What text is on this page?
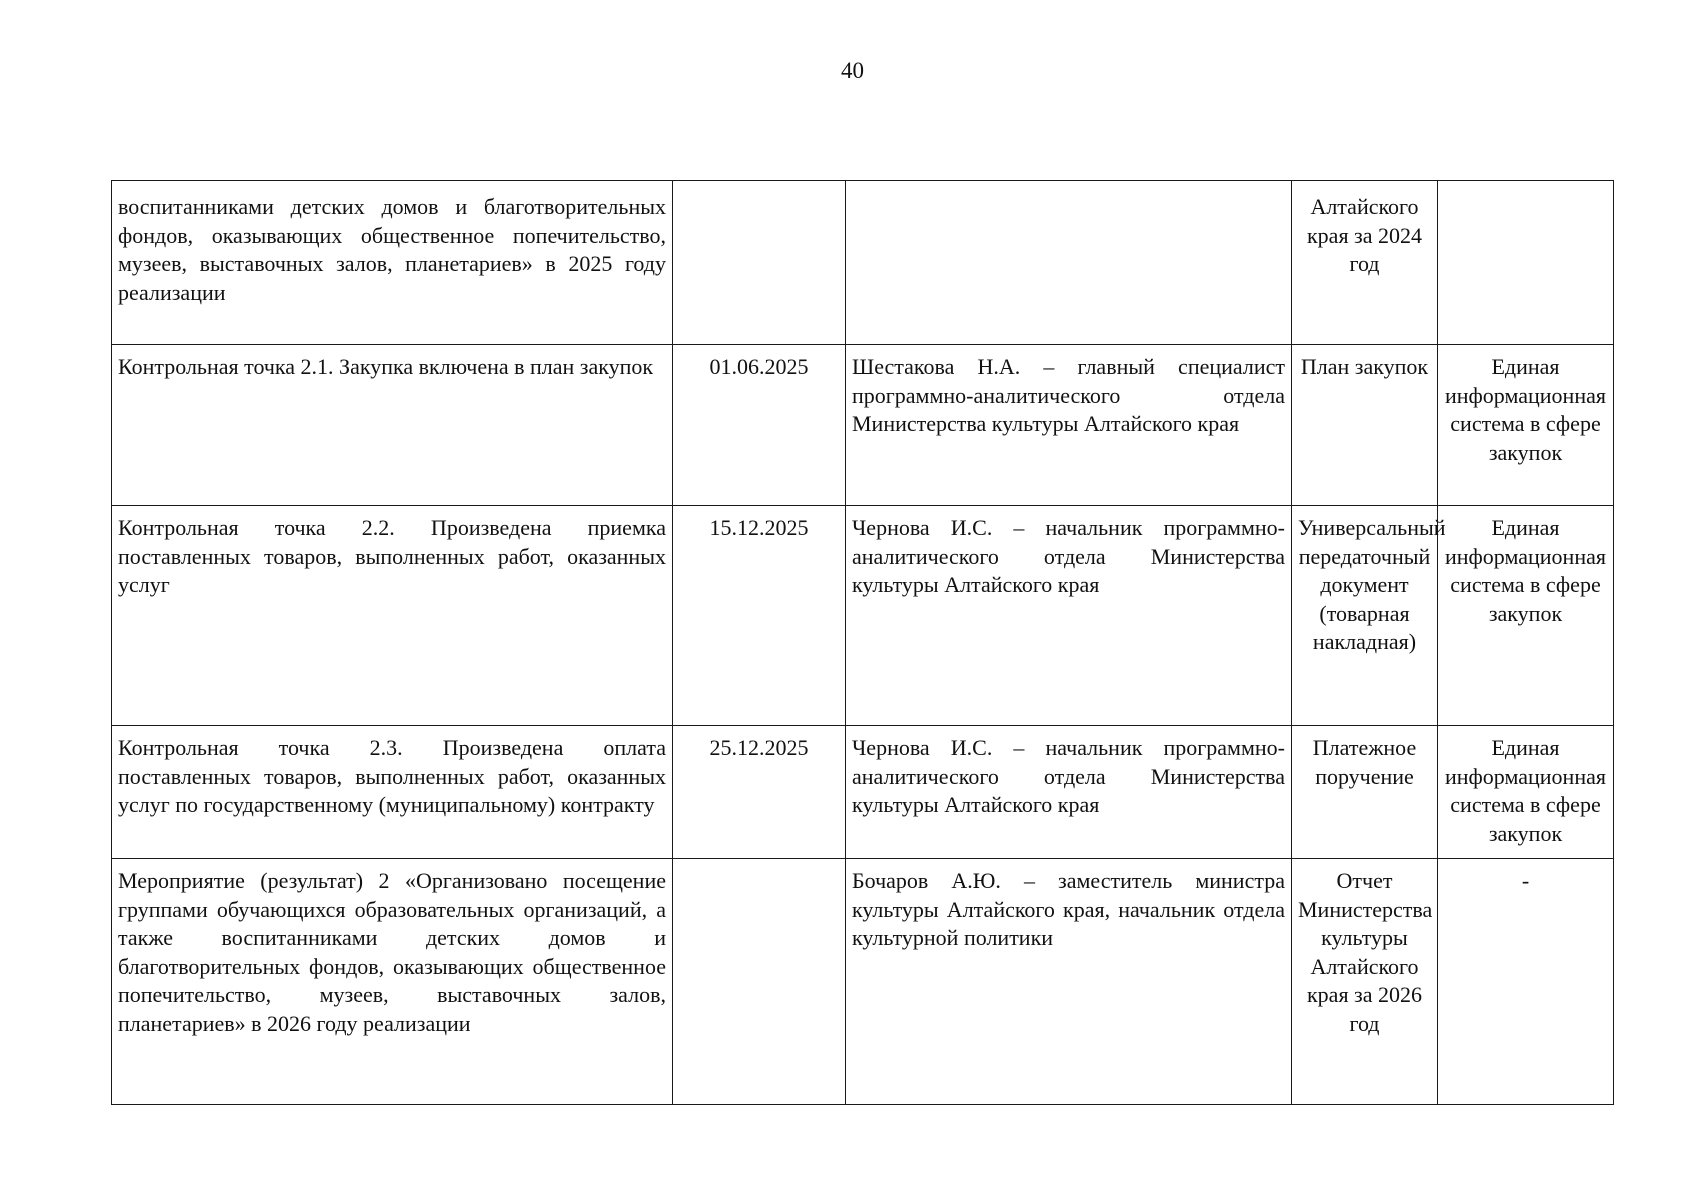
40
воспитанниками детских домов и благотворительных фондов, оказывающих общественное попечительство, музеев, выставочных залов, планетариев» в 2025 году реализации			Алтайского края за 2024 год	
Контрольная точка 2.1. Закупка включена в план закупок	01.06.2025	Шестакова Н.А. – главный специалист программно-аналитического отдела Министерства культуры Алтайского края	План закупок	Единая информационная система в сфере закупок
Контрольная точка 2.2. Произведена приемка поставленных товаров, выполненных работ, оказанных услуг	15.12.2025	Чернова И.С. – начальник программно-аналитического отдела Министерства культуры Алтайского края	Универсальный передаточный документ (товарная накладная)	Единая информационная система в сфере закупок
Контрольная точка 2.3. Произведена оплата поставленных товаров, выполненных работ, оказанных услуг по государственному (муниципальному) контракту	25.12.2025	Чернова И.С. – начальник программно-аналитического отдела Министерства культуры Алтайского края	Платежное поручение	Единая информационная система в сфере закупок
Мероприятие (результат) 2 «Организовано посещение группами обучающихся образовательных организаций, а также воспитанниками детских домов и благотворительных фондов, оказывающих общественное попечительство, музеев, выставочных залов, планетариев» в 2026 году реализации		Бочаров А.Ю. – заместитель министра культуры Алтайского края, начальник отдела культурной политики	Отчет Министерства культуры Алтайского края за 2026 год	-
